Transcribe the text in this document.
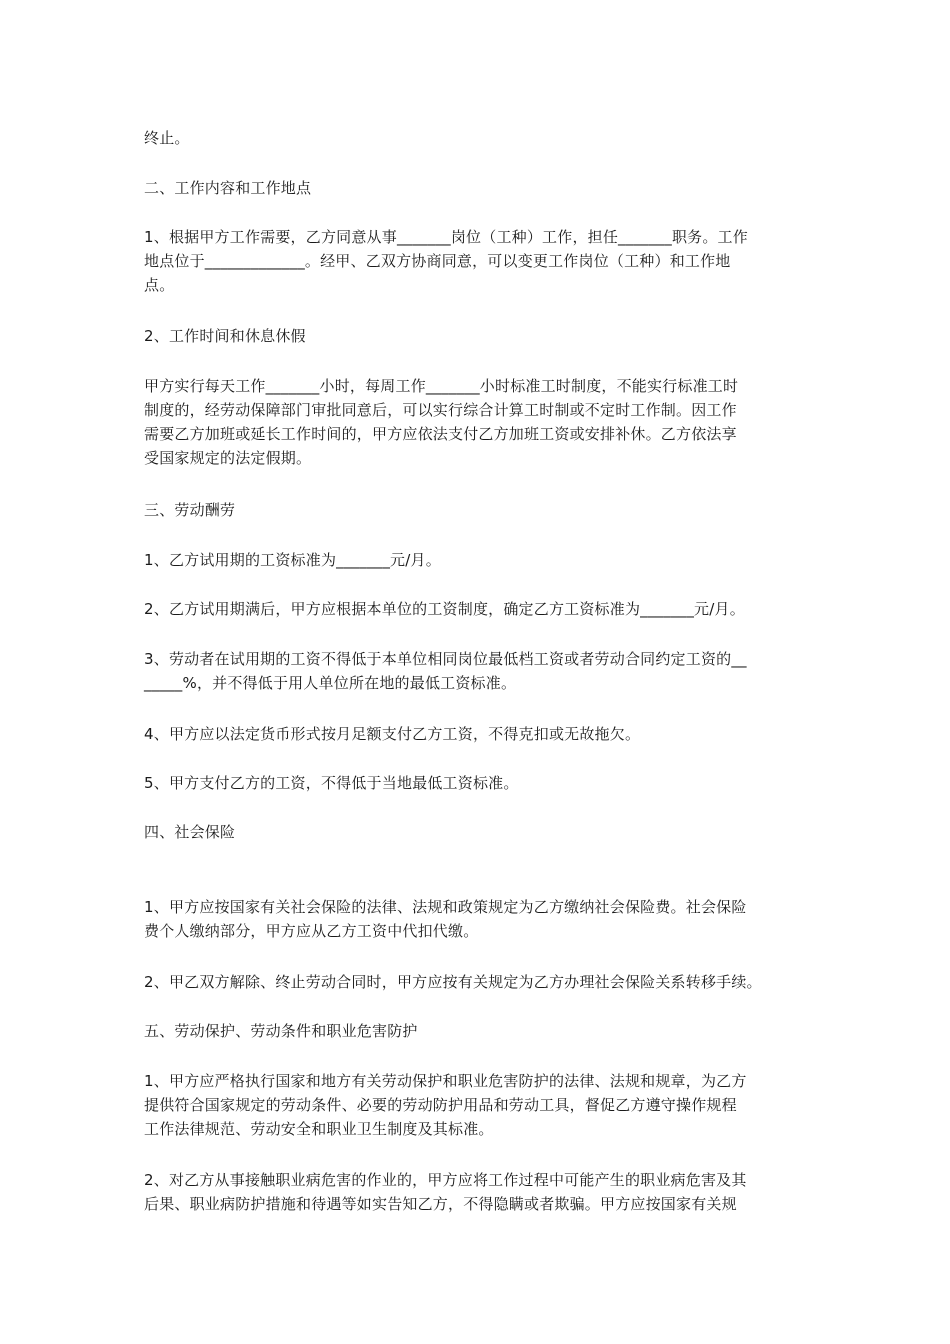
终止。
二、工作内容和工作地点
1、根据甲方工作需要，乙方同意从事_______岗位（工种）工作，担任_______职务。工作
地点位于_____________。经甲、乙双方协商同意，可以变更工作岗位（工种）和工作地
点。
2、工作时间和休息休假
甲方实行每天工作_______小时，每周工作_______小时标准工时制度，不能实行标准工时
制度的，经劳动保障部门审批同意后，可以实行综合计算工时制或不定时工作制。因工作
需要乙方加班或延长工作时间的，甲方应依法支付乙方加班工资或安排补休。乙方依法享
受国家规定的法定假期。
三、劳动酬劳
1、乙方试用期的工资标准为_______元/月。
2、乙方试用期满后，甲方应根据本单位的工资制度，确定乙方工资标准为_______元/月。
3、劳动者在试用期的工资不得低于本单位相同岗位最低档工资或者劳动合同约定工资的__
_____%，并不得低于用人单位所在地的最低工资标准。
4、甲方应以法定货币形式按月足额支付乙方工资，不得克扣或无故拖欠。
5、甲方支付乙方的工资，不得低于当地最低工资标准。
四、社会保险
1、甲方应按国家有关社会保险的法律、法规和政策规定为乙方缴纳社会保险费。社会保险
费个人缴纳部分，甲方应从乙方工资中代扣代缴。
2、甲乙双方解除、终止劳动合同时，甲方应按有关规定为乙方办理社会保险关系转移手续。
五、劳动保护、劳动条件和职业危害防护
1、甲方应严格执行国家和地方有关劳动保护和职业危害防护的法律、法规和规章，为乙方
提供符合国家规定的劳动条件、必要的劳动防护用品和劳动工具，督促乙方遵守操作规程
工作法律规范、劳动安全和职业卫生制度及其标准。
2、对乙方从事接触职业病危害的作业的，甲方应将工作过程中可能产生的职业病危害及其
后果、职业病防护措施和待遇等如实告知乙方，不得隐瞒或者欺骗。甲方应按国家有关规
